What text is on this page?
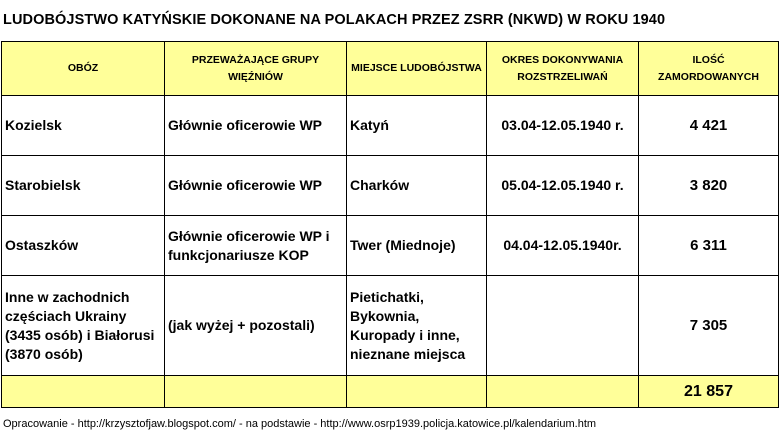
LUDOBÓJSTWO KATYŃSKIE DOKONANE NA POLAKACH PRZEZ ZSRR (NKWD) W ROKU 1940
OBÓZ	PRZEWAŻAJĄCE GRUPY WIĘŹNIÓW	MIEJSCE LUDOBÓJSTWA	OKRES DOKONYWANIA ROZSTRZELIWAŃ	ILOŚĆ ZAMORDOWANYCH
Kozielsk	Głównie oficerowie WP	Katyń	03.04-12.05.1940 r.	4 421
Starobielsk	Głównie oficerowie WP	Charków	05.04-12.05.1940 r.	3 820
Ostaszków	Głównie oficerowie WP i funkcjonariusze KOP	Twer (Miednoje)	04.04-12.05.1940r.	6 311
Inne w zachodnich częściach Ukrainy (3435 osób) i Białorusi (3870 osób)	(jak wyżej + pozostali)	Pietichatki, Bykownia, Kuropady i inne, nieznane miejsca		7 305
				21 857
Opracowanie - http://krzysztofjaw.blogspot.com/ - na podstawie - http://www.osrp1939.policja.katowice.pl/kalendarium.htm
